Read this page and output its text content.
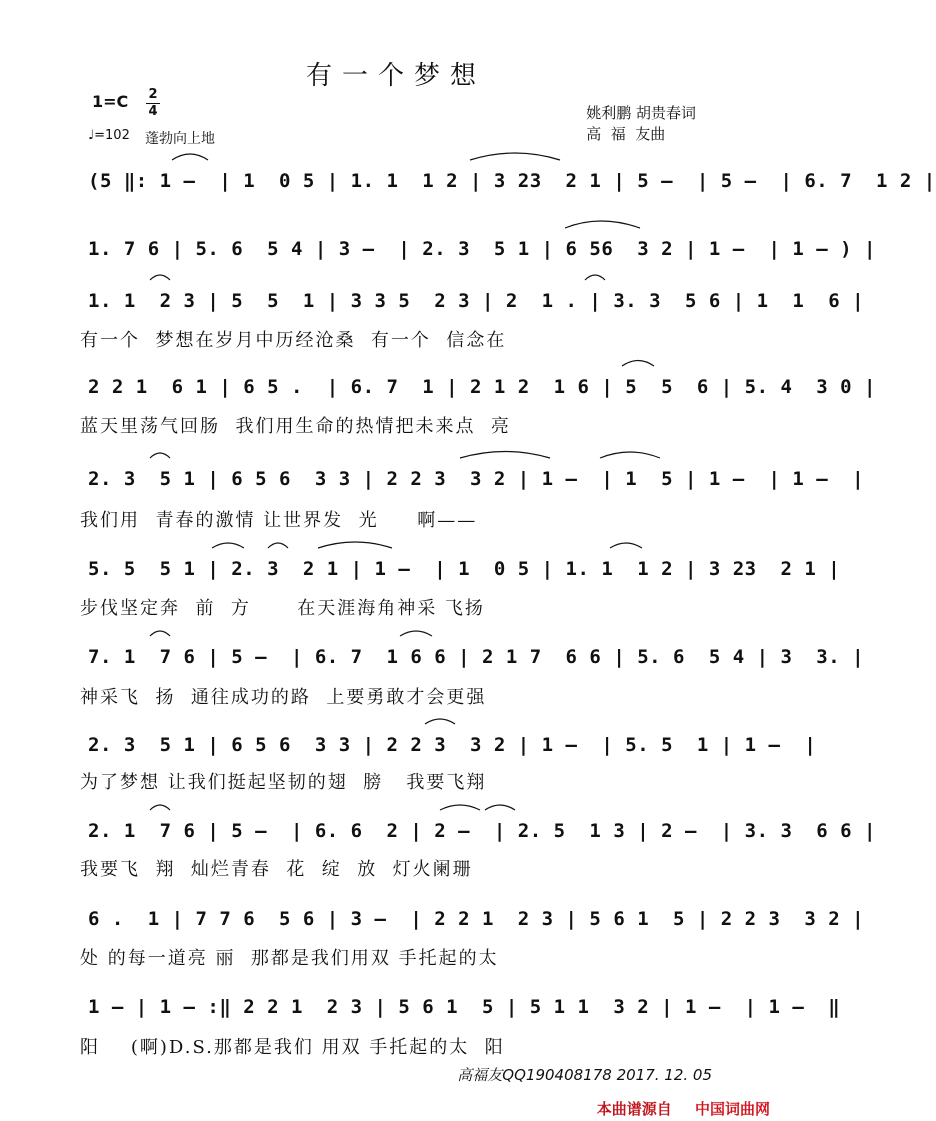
有一个梦想
1=C 2
4
♩=102 蓬勃向上地
姚利鹏 胡贵春词
高  福  友曲
(5 ‖: 1 –  | 1  0 5 | 1. 1  1 2 | 3 23  2 1 | 5 –  | 5 –  | 6. 7  1 2 |
1. 7 6 | 5. 6  5 4 | 3 –  | 2. 3  5 1 | 6 56  3 2 | 1 –  | 1 – ) |
1. 1  2 3 | 5  5  1 | 3 3 5  2 3 | 2  1 . | 3. 3  5 6 | 1  1  6 |
有一个  梦想在岁月中历经沧桑  有一个  信念在
2 2 1  6 1 | 6 5 .  | 6. 7  1 | 2 1 2  1 6 | 5  5  6 | 5. 4  3 0 |
蓝天里荡气回肠  我们用生命的热情把未来点  亮
2. 3  5 1 | 6 5 6  3 3 | 2 2 3  3 2 | 1 –  | 1  5 | 1 –  | 1 –  |
我们用  青春的激情 让世界发  光     啊——
5. 5  5 1 | 2. 3  2 1 | 1 –  | 1  0 5 | 1. 1  1 2 | 3 23  2 1 |
步伐坚定奔  前  方      在天涯海角神采 飞扬
7. 1  7 6 | 5 –  | 6. 7  1 6 6 | 2 1 7  6 6 | 5. 6  5 4 | 3  3. |
神采飞  扬  通往成功的路  上要勇敢才会更强
2. 3  5 1 | 6 5 6  3 3 | 2 2 3  3 2 | 1 –  | 5. 5  1 | 1 –  |
为了梦想 让我们挺起坚韧的翅  膀   我要飞翔
2. 1  7 6 | 5 –  | 6. 6  2 | 2 –  | 2. 5  1 3 | 2 –  | 3. 3  6 6 |
我要飞  翔  灿烂青春  花  绽  放  灯火阑珊
6 .  1 | 7 7 6  5 6 | 3 –  | 2 2 1  2 3 | 5 6 1  5 | 2 2 3  3 2 |
处 的每一道亮 丽  那都是我们用双 手托起的太
1 – | 1 – :‖ 2 2 1  2 3 | 5 6 1  5 | 5 1 1  3 2 | 1 –  | 1 –  ‖
阳    (啊)D.S.那都是我们 用双 手托起的太  阳
高福友QQ190408178 2017. 12. 05
本曲谱源自 中国词曲网
